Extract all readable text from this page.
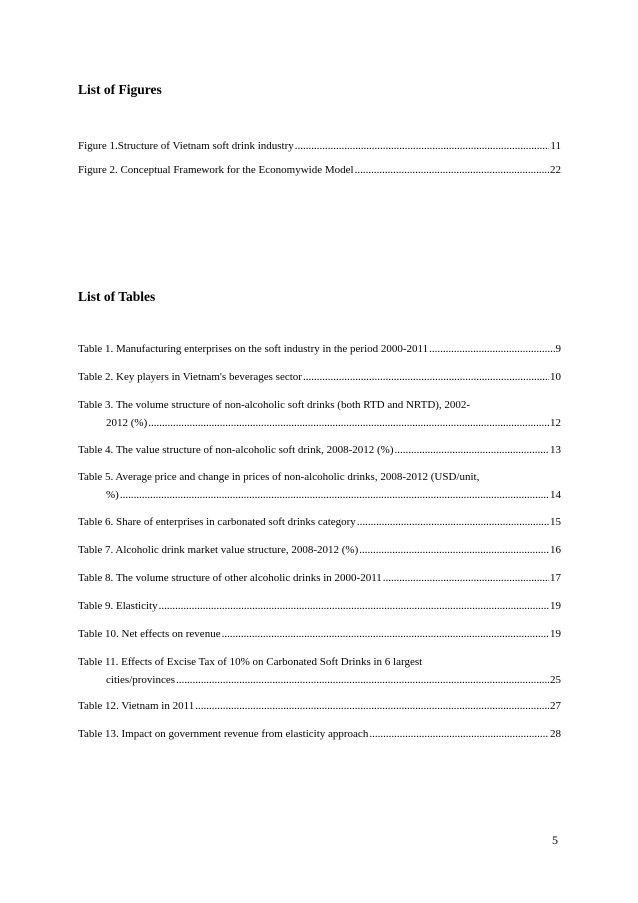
List of Figures
Figure 1.Structure of Vietnam soft drink industry .....	11
Figure 2. Conceptual Framework for the Economywide Model .....	22
List of Tables
Table 1. Manufacturing enterprises on the soft industry in the period 2000-2011 .....	9
Table 2. Key players in Vietnam's beverages sector .....	10
Table 3. The volume structure of non-alcoholic soft drinks (both RTD and NRTD), 2002-
2012 (%) .....	12
Table 4. The value structure of non-alcoholic soft drink, 2008-2012 (%) .....	13
Table 5. Average price and change in prices of non-alcoholic drinks, 2008-2012 (USD/unit,
%) .....	14
Table 6. Share of enterprises in carbonated soft drinks category .....	15
Table 7. Alcoholic drink market value structure, 2008-2012 (%) .....	16
Table 8. The volume structure of other alcoholic drinks in 2000-2011 .....	17
Table 9. Elasticity .....	19
Table 10. Net effects on revenue .....	19
Table 11. Effects of Excise Tax of 10% on Carbonated Soft Drinks in 6 largest
cities/provinces .....	25
Table 12. Vietnam in 2011 .....	27
Table 13. Impact on government revenue from elasticity approach .....	28
5
